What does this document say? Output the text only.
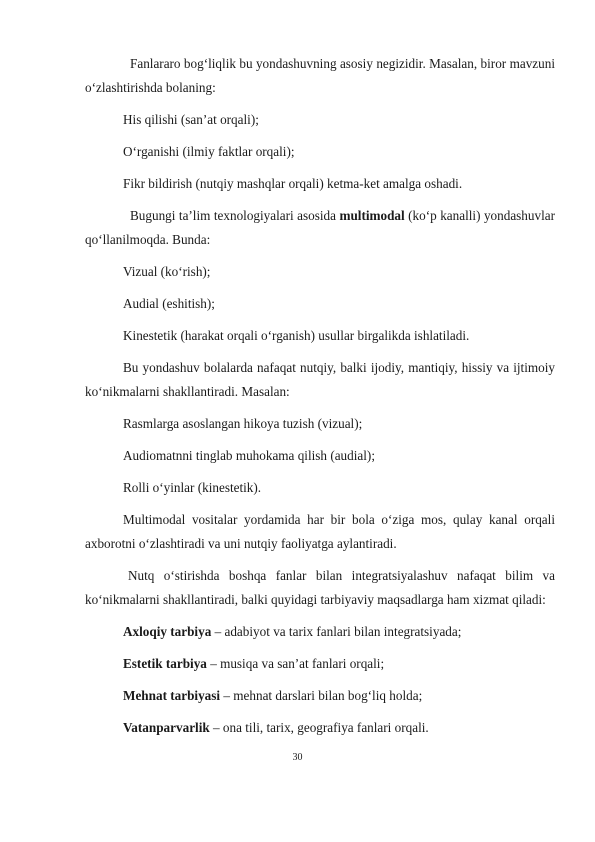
Fanlararo bog‘liqlik bu yondashuvning asosiy negizidir. Masalan, biror mavzuni o‘zlashtirishda bolaning:

His qilishi (san’at orqali);

O‘rganishi (ilmiy faktlar orqali);

Fikr bildirish (nutqiy mashqlar orqali) ketma-ket amalga oshadi.

Bugungi ta’lim texnologiyalari asosida multimodal (ko‘p kanalli) yondashuvlar qo‘llanilmoqda. Bunda:

Vizual (ko‘rish);

Audial (eshitish);

Kinestetik (harakat orqali o‘rganish) usullar birgalikda ishlatiladi.

Bu yondashuv bolalarda nafaqat nutqiy, balki ijodiy, mantiqiy, hissiy va ijtimoiy ko‘nikmalarni shakllantiradi. Masalan:

Rasmlarga asoslangan hikoya tuzish (vizual);

Audiomatnni tinglab muhokama qilish (audial);

Rolli o‘yinlar (kinestetik).

Multimodal vositalar yordamida har bir bola o‘ziga mos, qulay kanal orqali axborotni o‘zlashtiradi va uni nutqiy faoliyatga aylantiradi.

Nutq o‘stirishda boshqa fanlar bilan integratsiyalashuv nafaqat bilim va ko‘nikmalarni shakllantiradi, balki quyidagi tarbiyaviy maqsadlarga ham xizmat qiladi:

Axloqiy tarbiya – adabiyot va tarix fanlari bilan integratsiyada;

Estetik tarbiya – musiqa va san’at fanlari orqali;

Mehnat tarbiyasi – mehnat darslari bilan bog‘liq holda;

Vatanparvarlik – ona tili, tarix, geografiya fanlari orqali.

30
